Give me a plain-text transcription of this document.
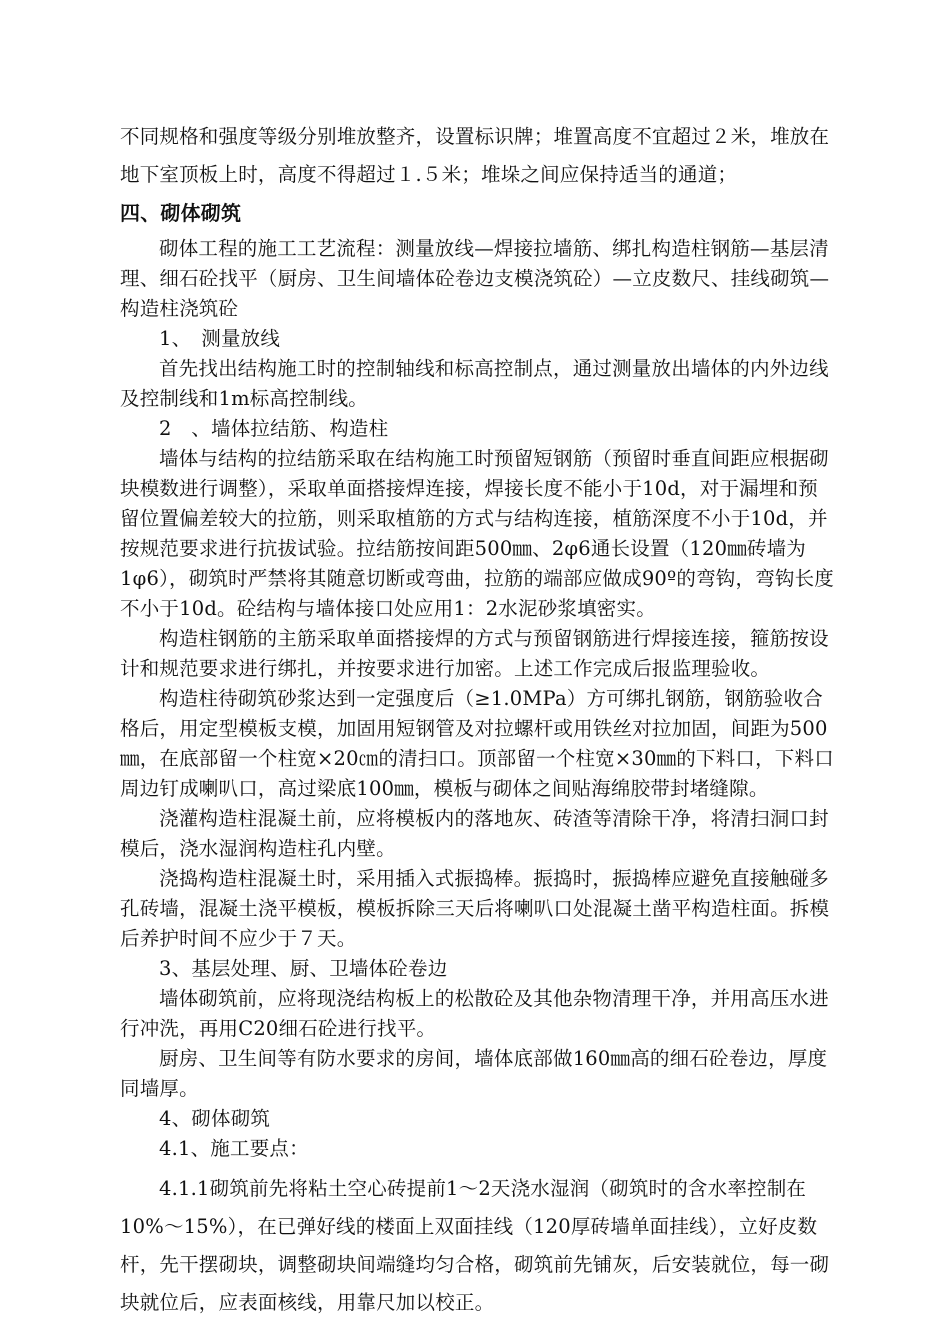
不同规格和强度等级分别堆放整齐，设置标识牌；堆置高度不宜超过２米，堆放在地下室顶板上时，高度不得超过１.５米；堆垛之间应保持适当的通道；

四、砌体砌筑

砌体工程的施工工艺流程：测量放线—焊接拉墙筋、绑扎构造柱钢筋—基层清理、细石砼找平（厨房、卫生间墙体砼卷边支模浇筑砼）—立皮数尺、挂线砌筑—构造柱浇筑砼

1、　测量放线

首先找出结构施工时的控制轴线和标高控制点，通过测量放出墙体的内外边线及控制线和1m标高控制线。

2　、墙体拉结筋、构造柱

墙体与结构的拉结筋采取在结构施工时预留短钢筋（预留时垂直间距应根据砌块模数进行调整），采取单面搭接焊连接，焊接长度不能小于10d，对于漏埋和预留位置偏差较大的拉筋，则采取植筋的方式与结构连接，植筋深度不小于10d，并按规范要求进行抗拔试验。拉结筋按间距500㎜、2φ6通长设置（120㎜砖墙为1φ6），砌筑时严禁将其随意切断或弯曲，拉筋的端部应做成90º的弯钩，弯钩长度不小于10d。砼结构与墙体接口处应用1：2水泥砂浆填密实。

构造柱钢筋的主筋采取单面搭接焊的方式与预留钢筋进行焊接连接，箍筋按设计和规范要求进行绑扎，并按要求进行加密。上述工作完成后报监理验收。

构造柱待砌筑砂浆达到一定强度后（≥1.0MPa）方可绑扎钢筋，钢筋验收合格后，用定型模板支模，加固用短钢管及对拉螺杆或用铁丝对拉加固，间距为500㎜，在底部留一个柱宽×20㎝的清扫口。顶部留一个柱宽×30㎜的下料口，下料口周边钉成喇叭口，高过梁底100㎜，模板与砌体之间贴海绵胶带封堵缝隙。

浇灌构造柱混凝土前，应将模板内的落地灰、砖渣等清除干净，将清扫洞口封模后，浇水湿润构造柱孔内壁。

浇捣构造柱混凝土时，采用插入式振捣棒。振捣时，振捣棒应避免直接触碰多孔砖墙，混凝土浇平模板，模板拆除三天后将喇叭口处混凝土凿平构造柱面。拆模后养护时间不应少于７天。

3、基层处理、厨、卫墙体砼卷边

墙体砌筑前，应将现浇结构板上的松散砼及其他杂物清理干净，并用高压水进行冲洗，再用C20细石砼进行找平。

厨房、卫生间等有防水要求的房间，墙体底部做160㎜高的细石砼卷边，厚度同墙厚。

4、砌体砌筑

4.1、施工要点：

4.1.1砌筑前先将粘土空心砖提前1～2天浇水湿润（砌筑时的含水率控制在10%～15%），在已弹好线的楼面上双面挂线（120厚砖墙单面挂线），立好皮数杆，先干摆砌块，调整砌块间端缝均匀合格，砌筑前先铺灰，后安装就位，每一砌块就位后，应表面核线，用靠尺加以校正。
